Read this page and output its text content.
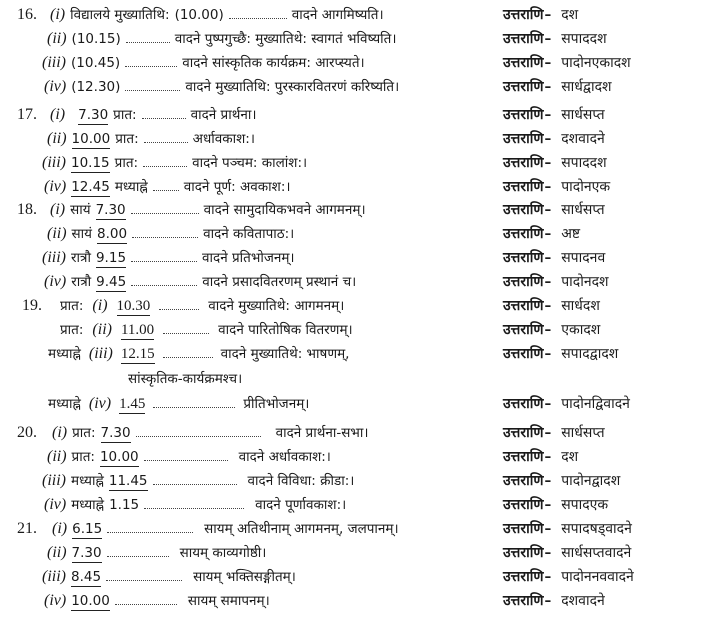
16. (i) विद्यालये मुख्यातिथि: (10.00)	वादने आगमिष्यति।	उत्तराणि – दश
(ii) (10.15)	वादने पुष्पगुच्छै: मुख्यातिथे: स्वागतं भविष्यति।	उत्तराणि – सपाददश
(iii) (10.45)	वादने सांस्कृतिक कार्यक्रम: आरप्स्यते।	उत्तराणि – पादोनएकादश
(iv) (12.30)	वादने मुख्यातिथि: पुरस्कारवितरणं करिष्यति।	उत्तराणि – सार्धद्वादश
17. (i) 7.30 प्रात:	वादने प्रार्थना।	उत्तराणि – सार्धसप्त
(ii) 10.00 प्रात:	अर्धावकाश:।	उत्तराणि – दशवादने
(iii) 10.15 प्रात:	वादने पञ्चम: कालांश:।	उत्तराणि – सपाददश
(iv) 12.45 मध्याह्ने	वादने पूर्ण: अवकाश:।	उत्तराणि – पादोनएक
18. (i) सायं 7.30	वादने सामुदायिकभवने आगमनम्।	उत्तराणि – सार्धसप्त
(ii) सायं 8.00	वादने कवितापाठ:।	उत्तराणि – अष्ट
(iii) रात्रौ 9.15	वादने प्रतिभोजनम्।	उत्तराणि – सपादनव
(iv) रात्रौ 9.45	वादने प्रसादवितरणम् प्रस्थानं च।	उत्तराणि – पादोनदश
19. प्रात: (i) 10.30	वादने मुख्यातिथे: आगमनम्।	उत्तराणि – सार्धदश
प्रात: (ii) 11.00	वादने पारितोषिक वितरणम्।	उत्तराणि – एकादश
मध्याह्ने (iii) 12.15	वादने मुख्यातिथे: भाषणम्,	उत्तराणि – सपादद्वादश
सांस्कृतिक-कार्यक्रमश्च।
मध्याह्ने (iv) 1.45	प्रीतिभोजनम्।	उत्तराणि – पादोनद्विवादने
20. (i) प्रात: 7.30	वादने प्रार्थना-सभा।	उत्तराणि – सार्धसप्त
(ii) प्रात: 10.00	वादने अर्धावकाश:।	उत्तराणि – दश
(iii) मध्याह्ने 11.45	वादने विविधा: क्रीडा:।	उत्तराणि – पादोनद्वादश
(iv) मध्याह्ने 1.15	वादने पूर्णावकाश:।	उत्तराणि – सपादएक
21. (i) 6.15	सायम् अतिथीनाम् आगमनम्, जलपानम्।	उत्तराणि – सपादषड्वादने
(ii) 7.30	सायम् काव्यगोष्ठी।	उत्तराणि – सार्धसप्तवादने
(iii) 8.45	सायम् भक्तिसङ्गीतम्।	उत्तराणि – पादोननववादने
(iv) 10.00	सायम् समापनम्।	उत्तराणि – दशवादने
